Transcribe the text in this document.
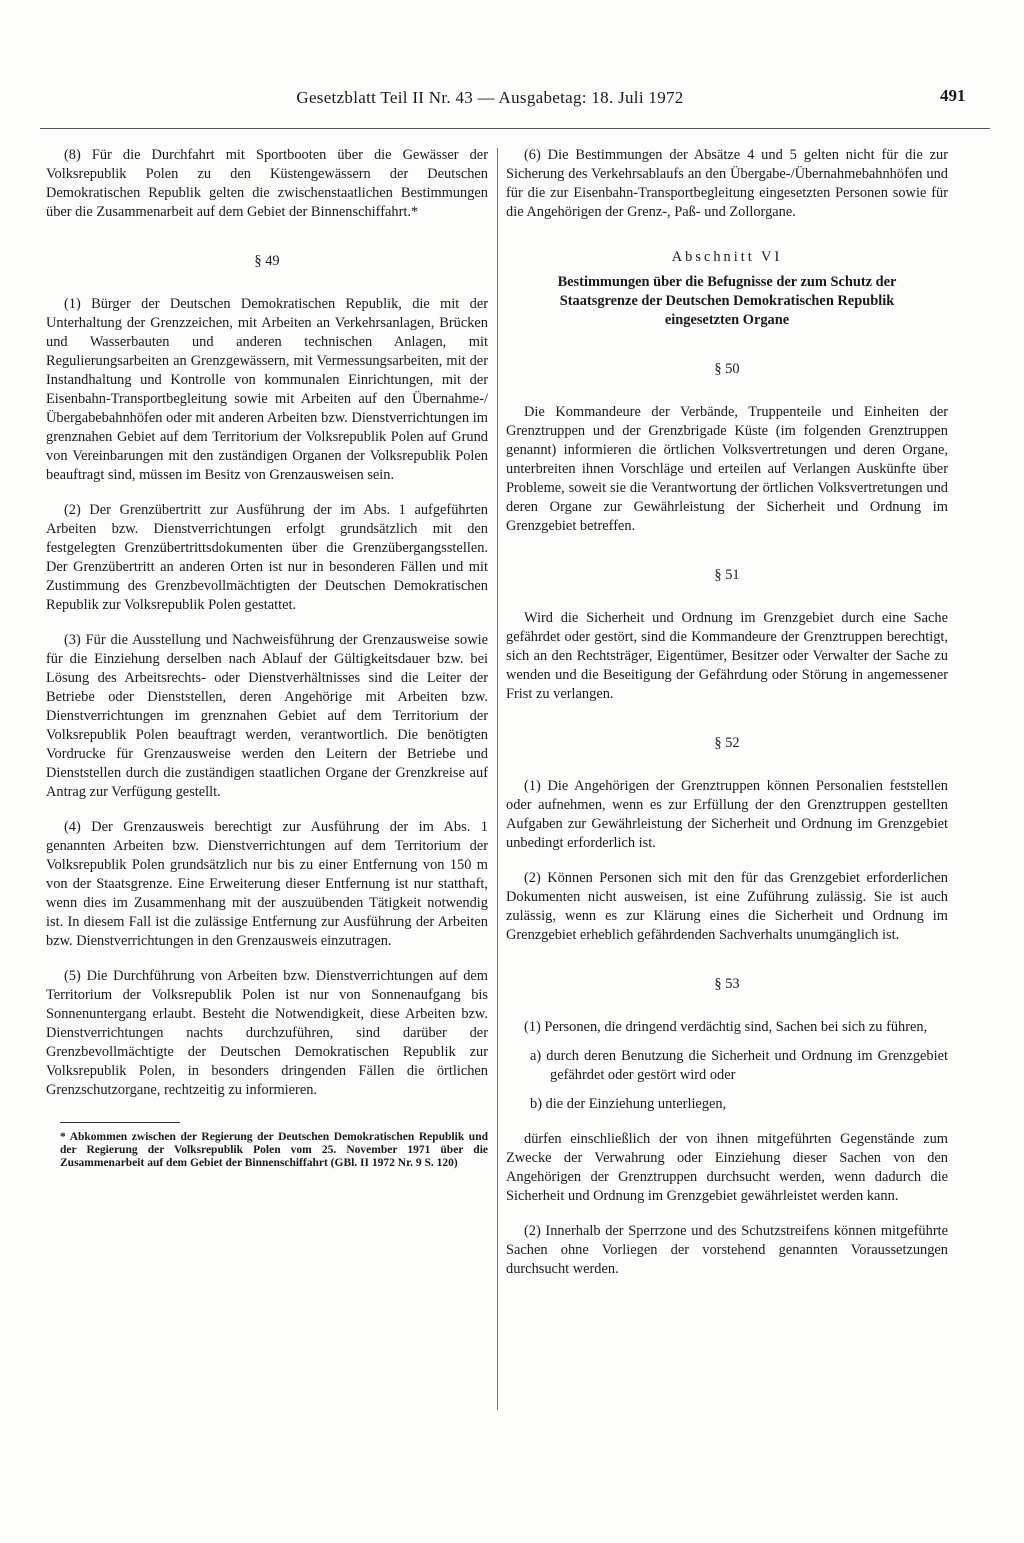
Gesetzblatt Teil II Nr. 43 — Ausgabetag: 18. Juli 1972	491

(8) Für die Durchfahrt mit Sportbooten über die Gewässer der Volksrepublik Polen zu den Küstengewässern der Deutschen Demokratischen Republik gelten die zwischenstaatlichen Bestimmungen über die Zusammenarbeit auf dem Gebiet der Binnenschiffahrt.*

§ 49

(1) Bürger der Deutschen Demokratischen Republik, die mit der Unterhaltung der Grenzzeichen, mit Arbeiten an Verkehrsanlagen, Brücken und Wasserbauten und anderen technischen Anlagen, mit Regulierungsarbeiten an Grenzgewässern, mit Vermessungsarbeiten, mit der Instandhaltung und Kontrolle von kommunalen Einrichtungen, mit der Eisenbahn-Transportbegleitung sowie mit Arbeiten auf den Übernahme-/Übergabebahnhöfen oder mit anderen Arbeiten bzw. Dienstverrichtungen im grenznahen Gebiet auf dem Territorium der Volksrepublik Polen auf Grund von Vereinbarungen mit den zuständigen Organen der Volksrepublik Polen beauftragt sind, müssen im Besitz von Grenzausweisen sein.

(2) Der Grenzübertritt zur Ausführung der im Abs. 1 aufgeführten Arbeiten bzw. Dienstverrichtungen erfolgt grundsätzlich mit den festgelegten Grenzübertrittsdokumenten über die Grenzübergangsstellen. Der Grenzübertritt an anderen Orten ist nur in besonderen Fällen und mit Zustimmung des Grenzbevollmächtigten der Deutschen Demokratischen Republik zur Volksrepublik Polen gestattet.

(3) Für die Ausstellung und Nachweisführung der Grenzausweise sowie für die Einziehung derselben nach Ablauf der Gültigkeitsdauer bzw. bei Lösung des Arbeitsrechts- oder Dienstverhältnisses sind die Leiter der Betriebe oder Dienststellen, deren Angehörige mit Arbeiten bzw. Dienstverrichtungen im grenznahen Gebiet auf dem Territorium der Volksrepublik Polen beauftragt werden, verantwortlich. Die benötigten Vordrucke für Grenzausweise werden den Leitern der Betriebe und Dienststellen durch die zuständigen staatlichen Organe der Grenzkreise auf Antrag zur Verfügung gestellt.

(4) Der Grenzausweis berechtigt zur Ausführung der im Abs. 1 genannten Arbeiten bzw. Dienstverrichtungen auf dem Territorium der Volksrepublik Polen grundsätzlich nur bis zu einer Entfernung von 150 m von der Staatsgrenze. Eine Erweiterung dieser Entfernung ist nur statthaft, wenn dies im Zusammenhang mit der auszuübenden Tätigkeit notwendig ist. In diesem Fall ist die zulässige Entfernung zur Ausführung der Arbeiten bzw. Dienstverrichtungen in den Grenzausweis einzutragen.

(5) Die Durchführung von Arbeiten bzw. Dienstverrichtungen auf dem Territorium der Volksrepublik Polen ist nur von Sonnenaufgang bis Sonnenuntergang erlaubt. Besteht die Notwendigkeit, diese Arbeiten bzw. Dienstverrichtungen nachts durchzuführen, sind darüber der Grenzbevollmächtigte der Deutschen Demokratischen Republik zur Volksrepublik Polen, in besonders dringenden Fällen die örtlichen Grenzschutzorgane, rechtzeitig zu informieren.

* Abkommen zwischen der Regierung der Deutschen Demokratischen Republik und der Regierung der Volksrepublik Polen vom 25. November 1971 über die Zusammenarbeit auf dem Gebiet der Binnenschiffahrt (GBl. II 1972 Nr. 9 S. 120)

(6) Die Bestimmungen der Absätze 4 und 5 gelten nicht für die zur Sicherung des Verkehrsablaufs an den Übergabe-/Übernahmebahnhöfen und für die zur Eisenbahn-Transportbegleitung eingesetzten Personen sowie für die Angehörigen der Grenz-, Paß- und Zollorgane.

Abschnitt VI

Bestimmungen über die Befugnisse der zum Schutz der Staatsgrenze der Deutschen Demokratischen Republik eingesetzten Organe

§ 50

Die Kommandeure der Verbände, Truppenteile und Einheiten der Grenztruppen und der Grenzbrigade Küste (im folgenden Grenztruppen genannt) informieren die örtlichen Volksvertretungen und deren Organe, unterbreiten ihnen Vorschläge und erteilen auf Verlangen Auskünfte über Probleme, soweit sie die Verantwortung der örtlichen Volksvertretungen und deren Organe zur Gewährleistung der Sicherheit und Ordnung im Grenzgebiet betreffen.

§ 51

Wird die Sicherheit und Ordnung im Grenzgebiet durch eine Sache gefährdet oder gestört, sind die Kommandeure der Grenztruppen berechtigt, sich an den Rechtsträger, Eigentümer, Besitzer oder Verwalter der Sache zu wenden und die Beseitigung der Gefährdung oder Störung in angemessener Frist zu verlangen.

§ 52

(1) Die Angehörigen der Grenztruppen können Personalien feststellen oder aufnehmen, wenn es zur Erfüllung der den Grenztruppen gestellten Aufgaben zur Gewährleistung der Sicherheit und Ordnung im Grenzgebiet unbedingt erforderlich ist.

(2) Können Personen sich mit den für das Grenzgebiet erforderlichen Dokumenten nicht ausweisen, ist eine Zuführung zulässig. Sie ist auch zulässig, wenn es zur Klärung eines die Sicherheit und Ordnung im Grenzgebiet erheblich gefährdenden Sachverhalts unumgänglich ist.

§ 53

(1) Personen, die dringend verdächtig sind, Sachen bei sich zu führen,

a) durch deren Benutzung die Sicherheit und Ordnung im Grenzgebiet gefährdet oder gestört wird oder

b) die der Einziehung unterliegen,

dürfen einschließlich der von ihnen mitgeführten Gegenstände zum Zwecke der Verwahrung oder Einziehung dieser Sachen von den Angehörigen der Grenztruppen durchsucht werden, wenn dadurch die Sicherheit und Ordnung im Grenzgebiet gewährleistet werden kann.

(2) Innerhalb der Sperrzone und des Schutzstreifens können mitgeführte Sachen ohne Vorliegen der vorstehend genannten Voraussetzungen durchsucht werden.
